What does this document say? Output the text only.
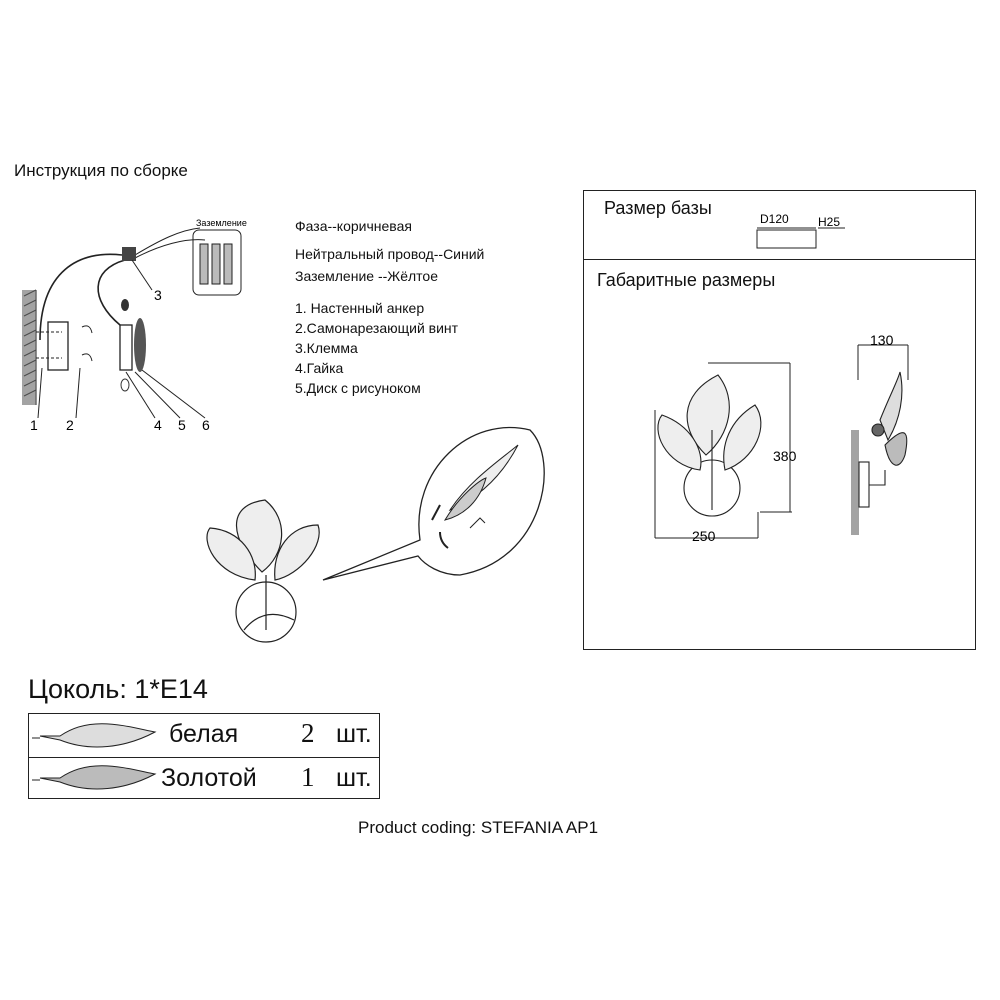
Инструкция по сборке
Фаза--коричневая
Нейтральный провод--Синий
Заземление --Жёлтое
1. Настенный анкер
2.Самонарезающий винт
3.Клемма
4.Гайка
5.Диск с рисунoком
Заземление
1 2
3
4 5 6
D120 H25
380
250
130
Размер базы
Габаритные размеры
Цоколь: 1*E14
белая 2 шт.
Золотой 1 шт.
Product coding: STEFANIA AP1
